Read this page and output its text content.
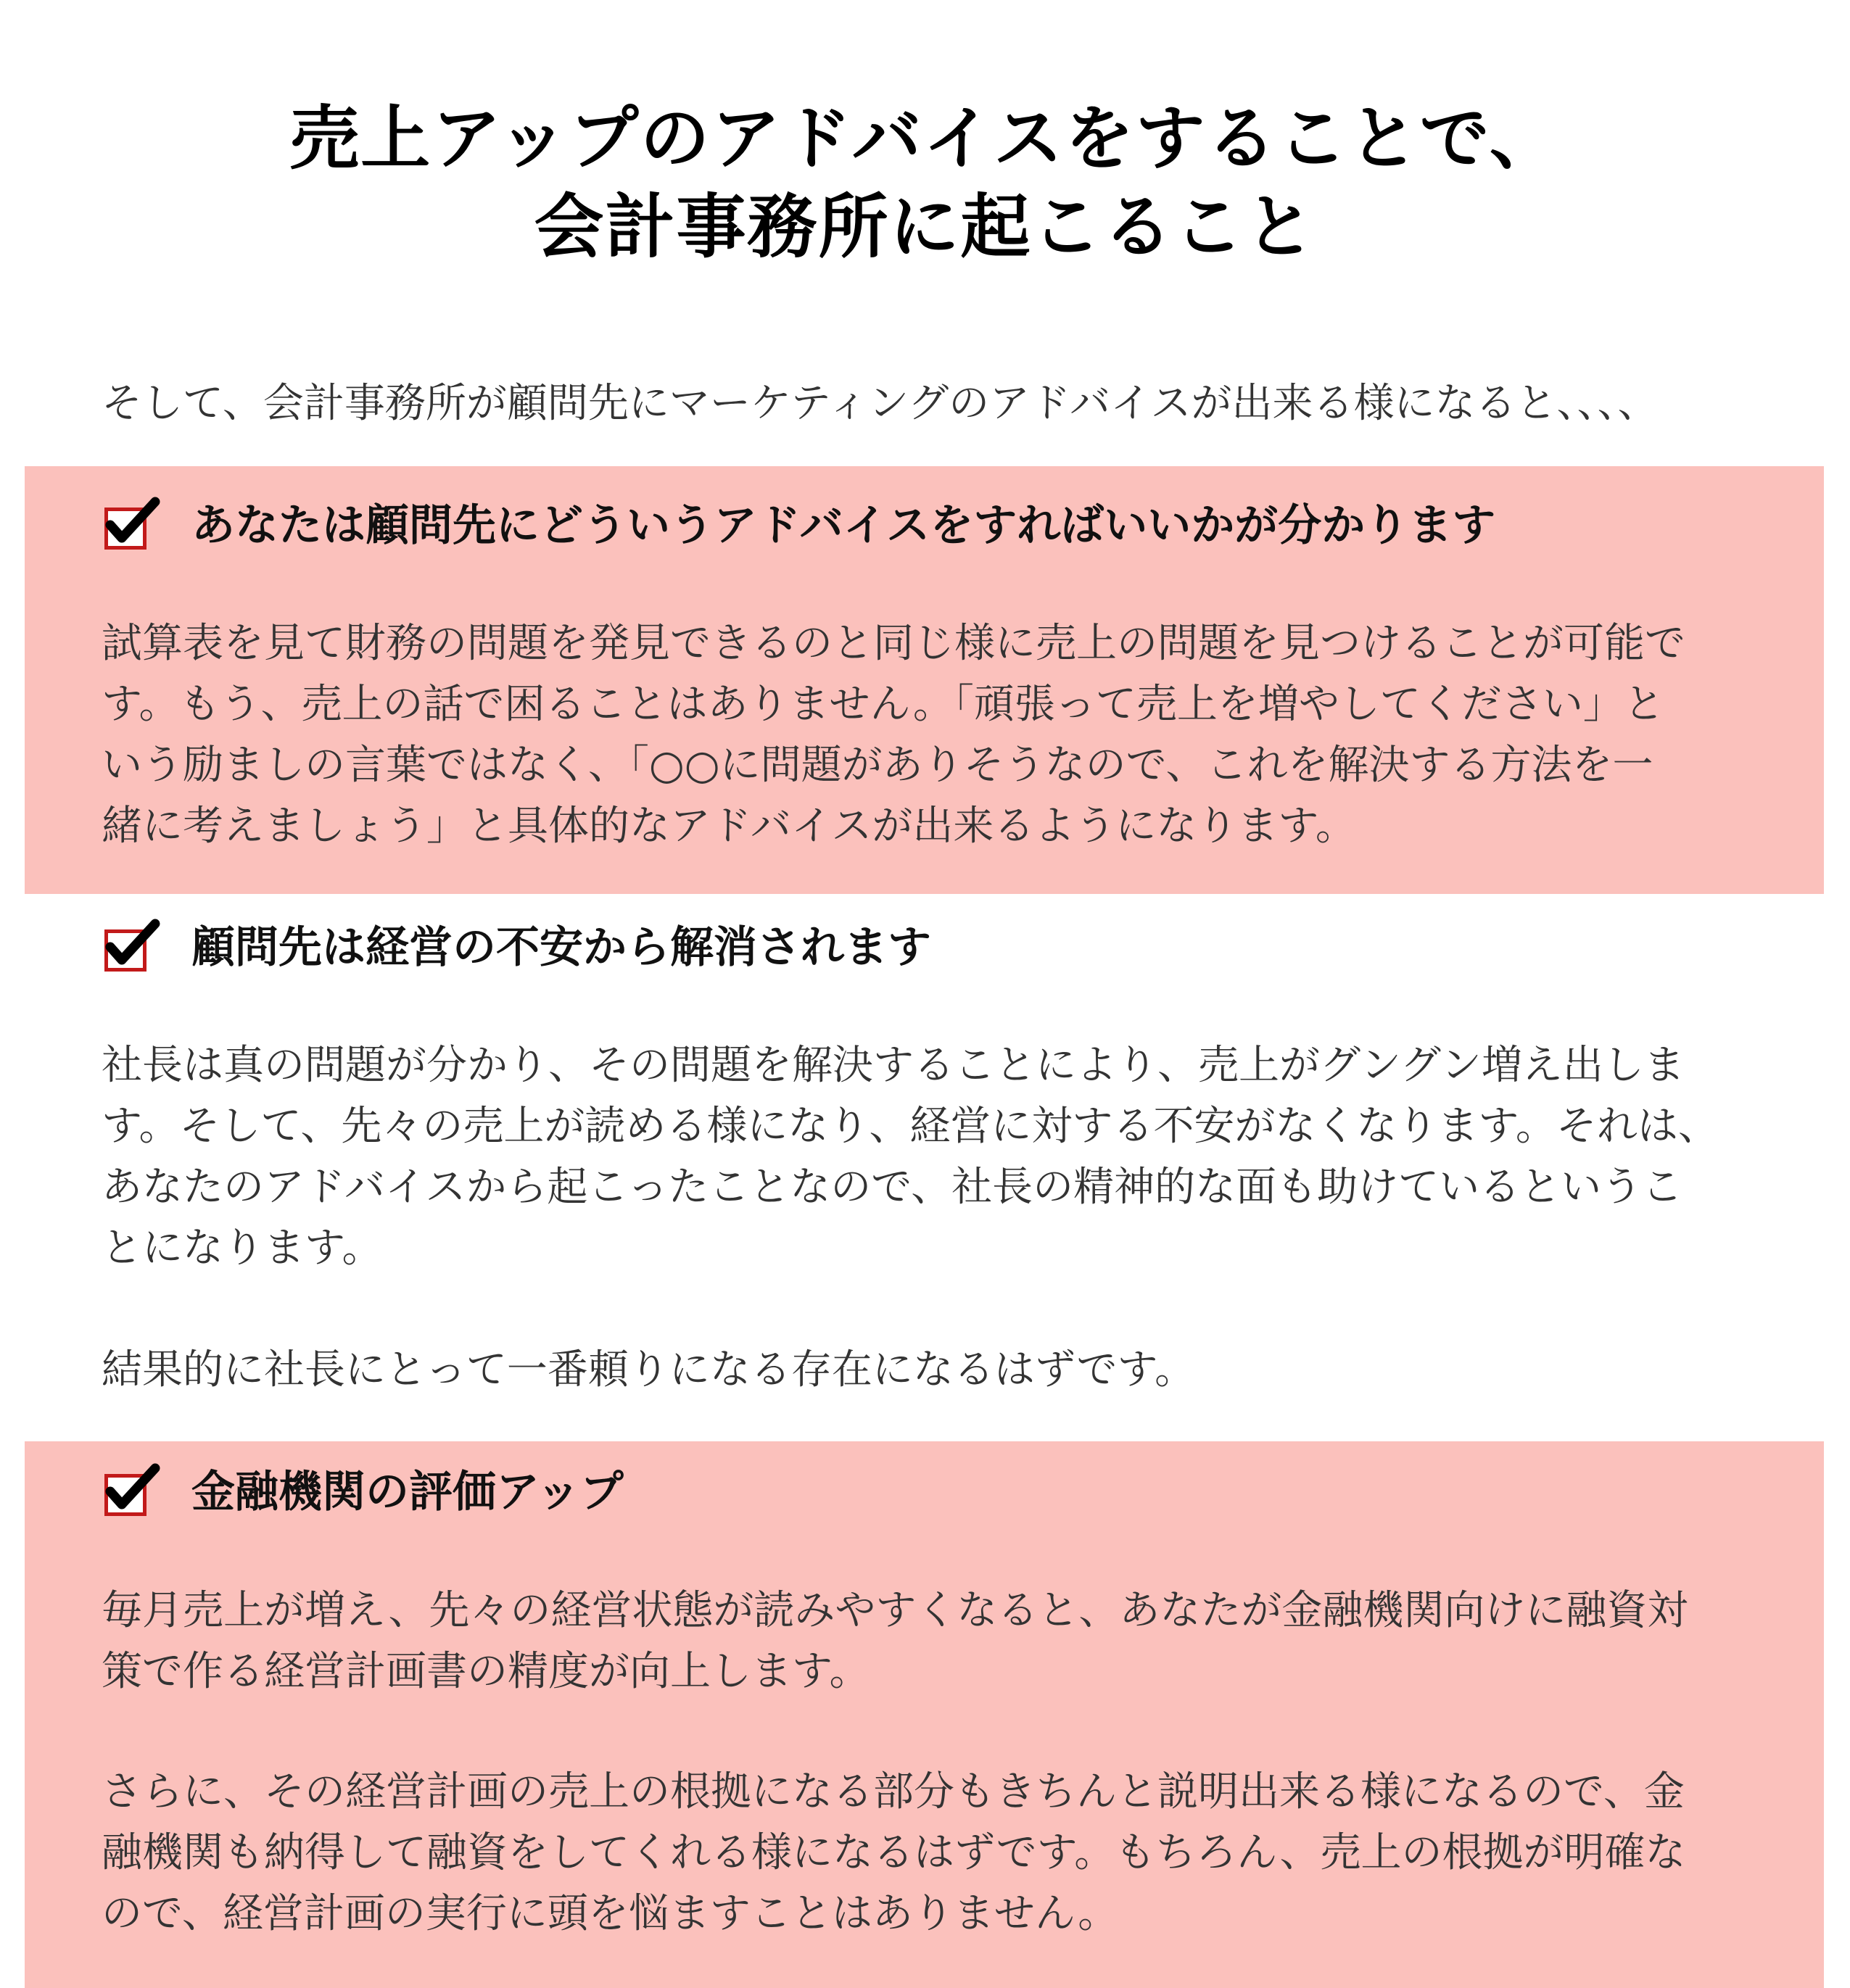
売上アップのアドバイスをすることで、
会計事務所に起こること
そして、会計事務所が顧問先にマーケティングのアドバイスが出来る様になると、、、、
あなたは顧問先にどういうアドバイスをすればいいかが分かります
試算表を見て財務の問題を発見できるのと同じ様に売上の問題を見つけることが可能で
す。もう、売上の話で困ることはありません。「頑張って売上を増やしてください」と
いう励ましの言葉ではなく、「○○に問題がありそうなので、これを解決する方法を一
緒に考えましょう」と具体的なアドバイスが出来るようになります。
顧問先は経営の不安から解消されます
社長は真の問題が分かり、その問題を解決することにより、売上がグングン増え出しま
す。そして、先々の売上が読める様になり、経営に対する不安がなくなります。それは、
あなたのアドバイスから起こったことなので、社長の精神的な面も助けているというこ
とになります。
結果的に社長にとって一番頼りになる存在になるはずです。
金融機関の評価アップ
毎月売上が増え、先々の経営状態が読みやすくなると、あなたが金融機関向けに融資対
策で作る経営計画書の精度が向上します。
さらに、その経営計画の売上の根拠になる部分もきちんと説明出来る様になるので、金
融機関も納得して融資をしてくれる様になるはずです。もちろん、売上の根拠が明確な
ので、経営計画の実行に頭を悩ますことはありません。
